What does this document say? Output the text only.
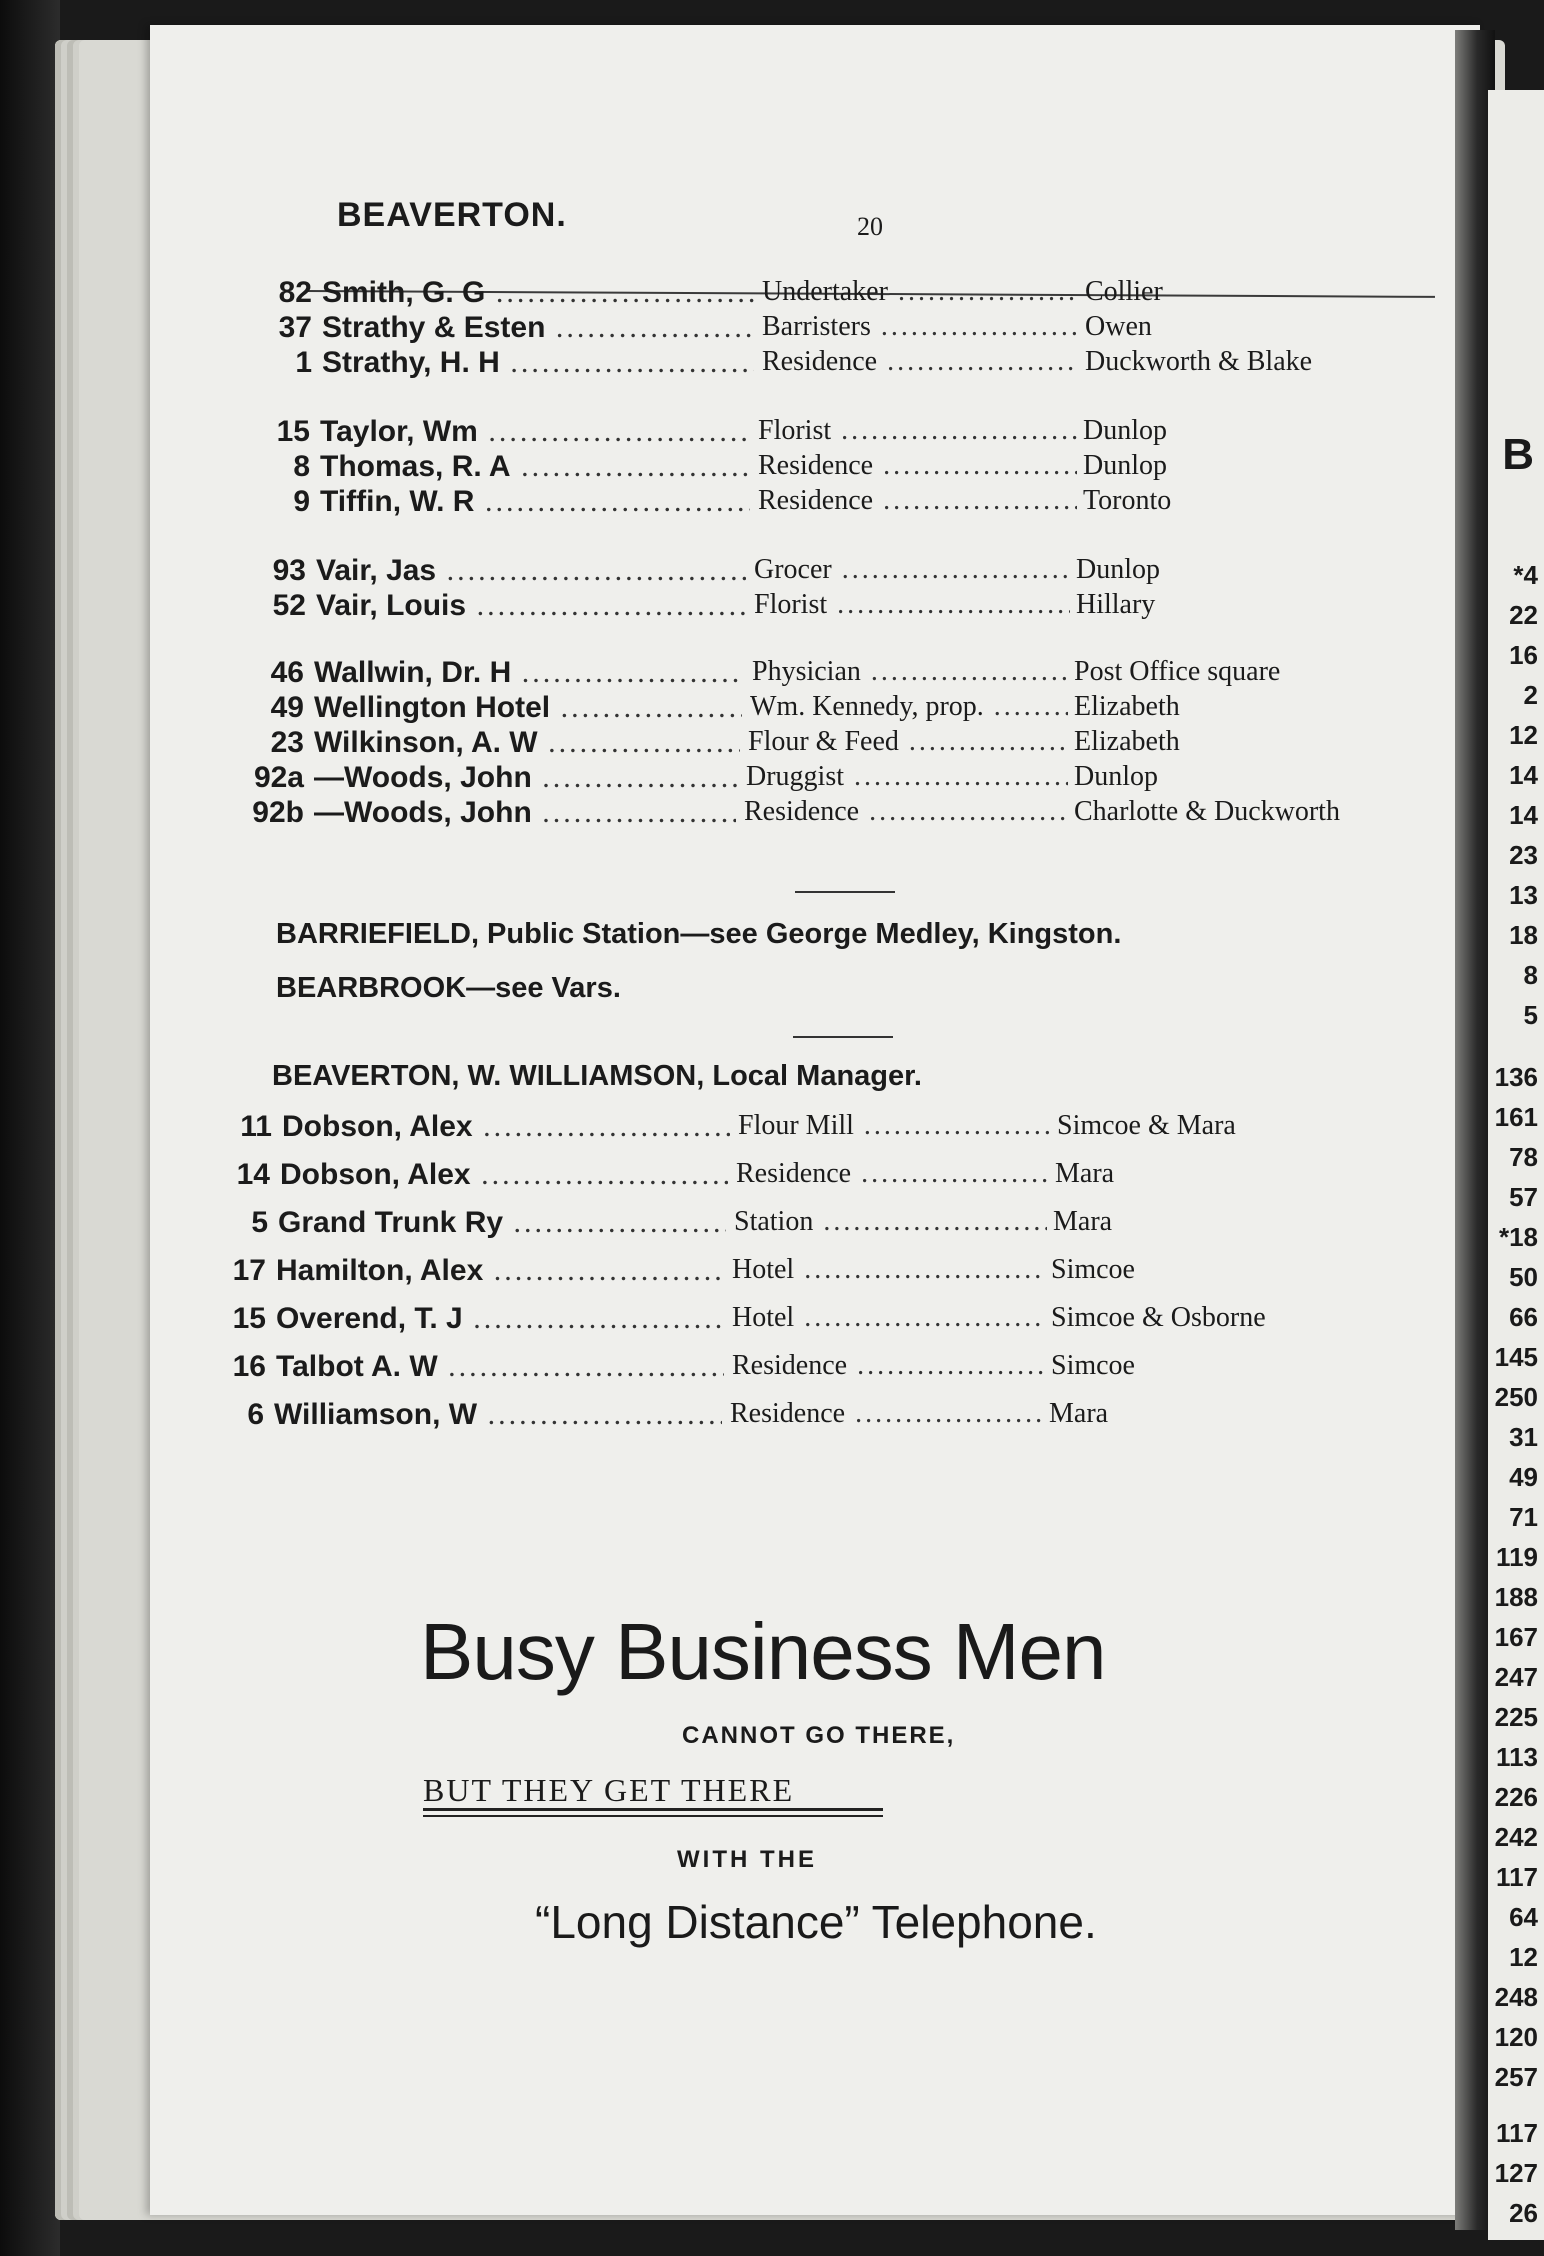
B
*4
22
16
2
12
14
14
23
13
18
8
5
136
161
78
57
*18
50
66
145
250
31
49
71
119
188
167
247
225
113
226
242
117
64
12
248
120
257
117
127
26
BEAVERTON.	20
82 Smith, G. G .....	Undertaker .....	Collier
37 Strathy & Esten .....	Barristers .....	Owen
1 Strathy, H. H .....	Residence .....	Duckworth & Blake
15 Taylor, Wm .....	Florist .....	Dunlop
8 Thomas, R. A .....	Residence .....	Dunlop
9 Tiffin, W. R .....	Residence .....	Toronto
93 Vair, Jas .....	Grocer .....	Dunlop
52 Vair, Louis .....	Florist .....	Hillary
46 Wallwin, Dr. H .....	Physician .....	Post Office square
49 Wellington Hotel .....	Wm. Kennedy, prop. .....	Elizabeth
23 Wilkinson, A. W .....	Flour & Feed .....	Elizabeth
92a —Woods, John .....	Druggist .....	Dunlop
92b —Woods, John .....	Residence .....	Charlotte & Duckworth
BARRIEFIELD, Public Station—see George Medley, Kingston.
BEARBROOK—see Vars.
BEAVERTON, W. WILLIAMSON, Local Manager.
11 Dobson, Alex .....	Flour Mill .....	Simcoe & Mara
14 Dobson, Alex .....	Residence .....	Mara
5 Grand Trunk Ry .....	Station .....	Mara
17 Hamilton, Alex .....	Hotel .....	Simcoe
15 Overend, T. J .....	Hotel .....	Simcoe & Osborne
16 Talbot A. W .....	Residence .....	Simcoe
6 Williamson, W .....	Residence .....	Mara
Busy Business Men
CANNOT GO THERE,
BUT THEY GET THERE
WITH THE
“Long Distance” Telephone.
